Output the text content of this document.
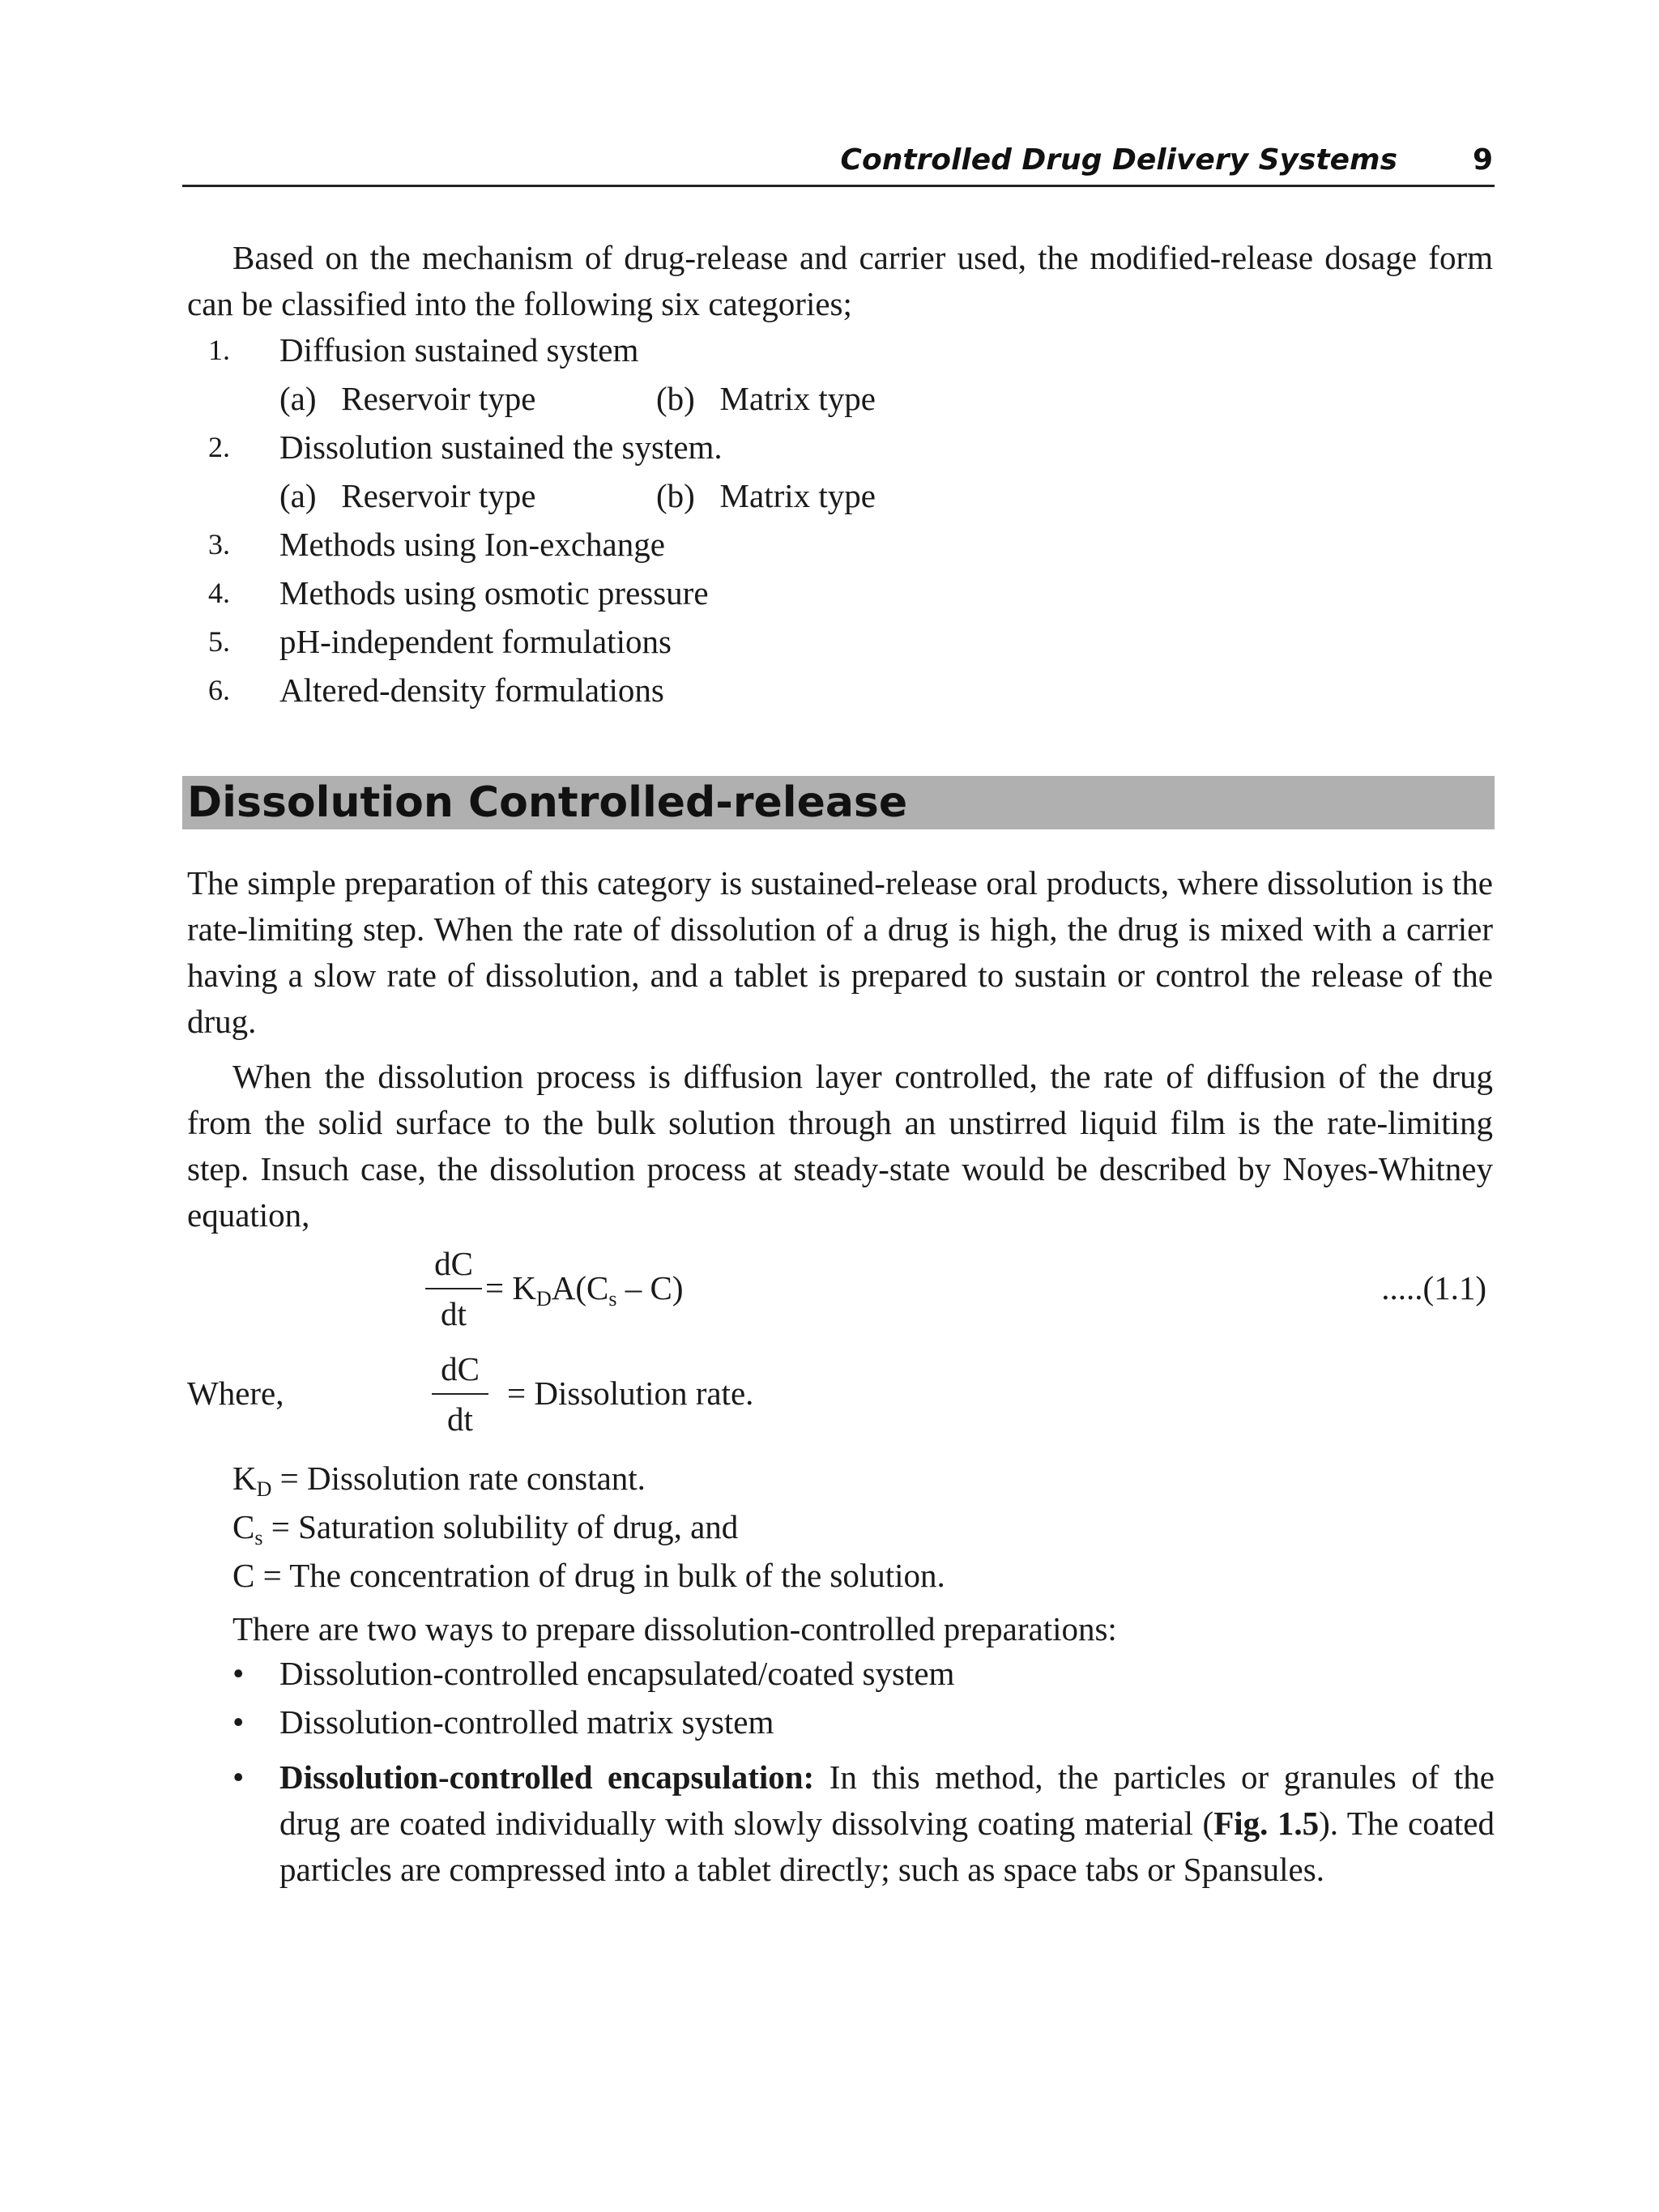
Controlled Drug Delivery Systems	9

Based on the mechanism of drug-release and carrier used, the modified-release dosage form can be classified into the following six categories;

1. Diffusion sustained system
(a)   Reservoir type	(b)   Matrix type
2. Dissolution sustained the system.
(a)   Reservoir type	(b)   Matrix type
3. Methods using Ion-exchange
4. Methods using osmotic pressure
5. pH-independent formulations
6. Altered-density formulations
Dissolution Controlled-release

The simple preparation of this category is sustained-release oral products, where dissolution is the rate-limiting step. When the rate of dissolution of a drug is high, the drug is mixed with a carrier having a slow rate of dissolution, and a tablet is prepared to sustain or control the release of the drug.

When the dissolution process is diffusion layer controlled, the rate of diffusion of the drug from the solid surface to the bulk solution through an unstirred liquid film is the rate-limiting step. Insuch case, the dissolution process at steady-state would be described by Noyes-Whitney equation,

dC
dt
= $K_DA(C_s - C)$	.....(1.1)
Where,
dC
dt
= Dissolution rate.
$K_D$ = Dissolution rate constant.
$C_s$ = Saturation solubility of drug, and
C = The concentration of drug in bulk of the solution.
There are two ways to prepare dissolution-controlled preparations:
• Dissolution-controlled encapsulated/coated system
• Dissolution-controlled matrix system
• Dissolution-controlled encapsulation: In this method, the particles or granules of the drug are coated individually with slowly dissolving coating material (Fig. 1.5). The coated particles are compressed into a tablet directly; such as space tabs or Spansules.
